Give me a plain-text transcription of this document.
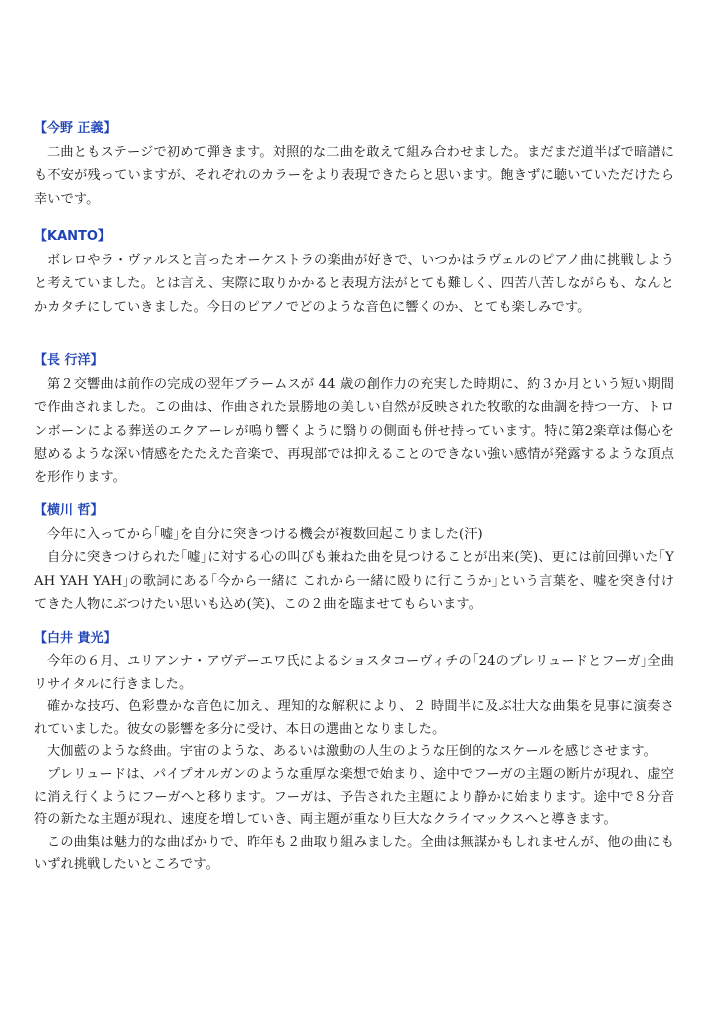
【今野 正義】

二曲ともステージで初めて弾きます。対照的な二曲を敢えて組み合わせました。まだまだ道半ばで暗譜にも不安が残っていますが、それぞれのカラーをより表現できたらと思います。飽きずに聴いていただけたら幸いです。

【KANTO】

ボレロやラ・ヴァルスと言ったオーケストラの楽曲が好きで、いつかはラヴェルのピアノ曲に挑戦しようと考えていました。とは言え、実際に取りかかると表現方法がとても難しく、四苦八苦しながらも、なんとかカタチにしていきました。今日のピアノでどのような音色に響くのか、とても楽しみです。

【長 行洋】

第２交響曲は前作の完成の翌年ブラームスが 44 歳の創作力の充実した時期に、約３か月という短い期間で作曲されました。この曲は、作曲された景勝地の美しい自然が反映された牧歌的な曲調を持つ一方、トロンボーンによる葬送のエクアーレが鳴り響くように翳りの側面も併せ持っています。特に第2楽章は傷心を慰めるような深い情感をたたえた音楽で、再現部では抑えることのできない強い感情が発露するような頂点を形作ります。

【横川 哲】

今年に入ってから｢嘘｣を自分に突きつける機会が複数回起こりました(汗)

自分に突きつけられた｢嘘｣に対する心の叫びも兼ねた曲を見つけることが出来(笑)、更には前回弾いた｢YAH YAH YAH｣の歌詞にある｢今から一緒に これから一緒に殴りに行こうか｣という言葉を、嘘を突き付けてきた人物にぶつけたい思いも込め(笑)、この２曲を臨ませてもらいます。

【白井 貴光】

今年の６月、ユリアンナ・アヴデーエワ氏によるショスタコーヴィチの｢24のプレリュードとフーガ｣全曲リサイタルに行きました。

確かな技巧、色彩豊かな音色に加え、理知的な解釈により、２ 時間半に及ぶ壮大な曲集を見事に演奏されていました。彼女の影響を多分に受け、本日の選曲となりました。

大伽藍のような終曲。宇宙のような、あるいは激動の人生のような圧倒的なスケールを感じさせます。

プレリュードは、パイプオルガンのような重厚な楽想で始まり、途中でフーガの主題の断片が現れ、虚空に消え行くようにフーガへと移ります。フーガは、予告された主題により静かに始まります。途中で８分音符の新たな主題が現れ、速度を増していき、両主題が重なり巨大なクライマックスへと導きます。

この曲集は魅力的な曲ばかりで、昨年も２曲取り組みました。全曲は無謀かもしれませんが、他の曲にもいずれ挑戦したいところです。
